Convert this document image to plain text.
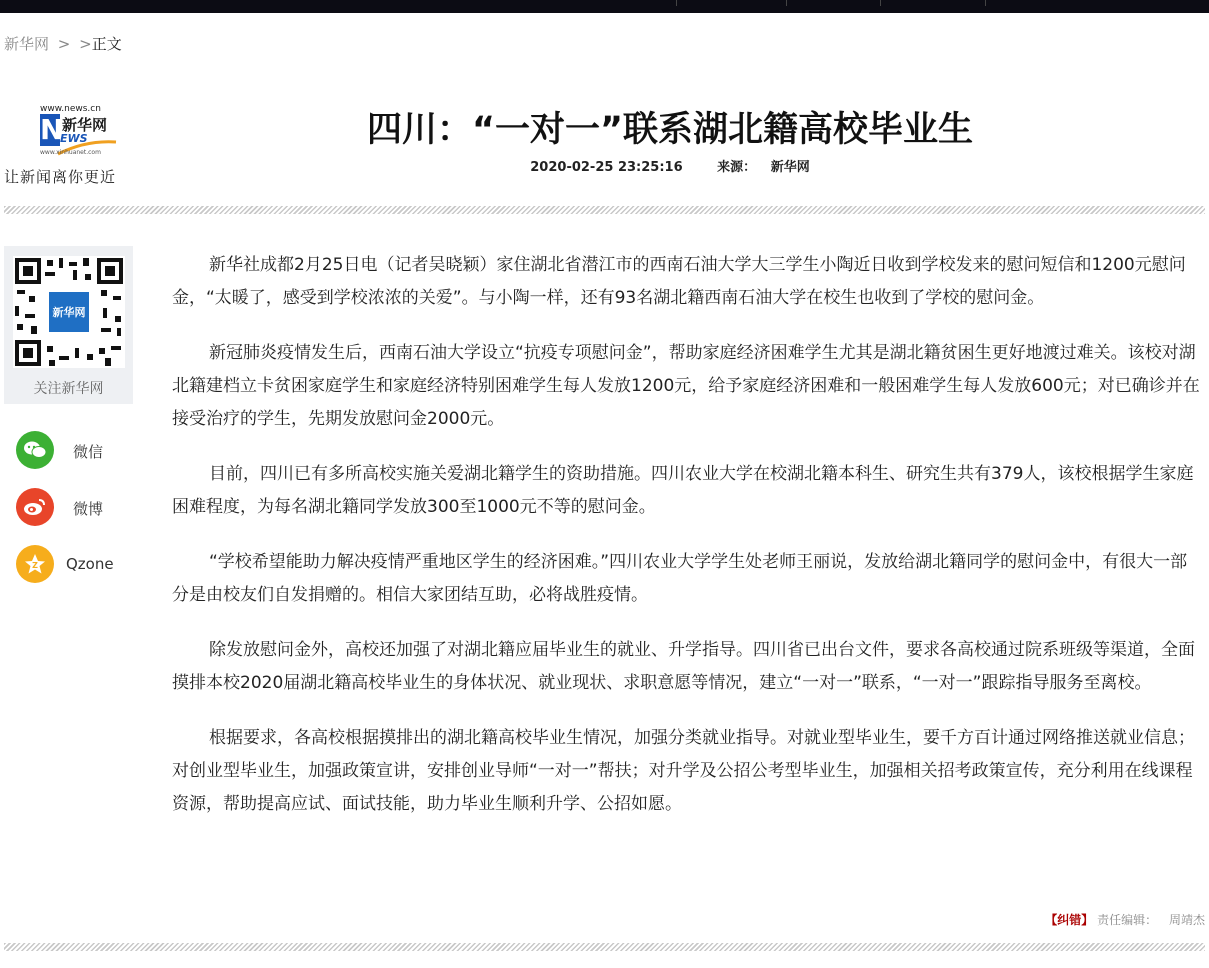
新华网 > >正文
www.news.cn
N
新华网
EWS
www.xinhuanet.com
让新闻离你更近
四川：“一对一”联系湖北籍高校毕业生
2020-02-25 23:25:16	来源： 新华网
新华网
关注新华网
微信
微博
Z Qzone

新华社成都2月25日电（记者吴晓颖）家住湖北省潜江市的西南石油大学大三学生小陶近日收到学校发来的慰问短信和1200元慰问金，“太暖了，感受到学校浓浓的关爱”。与小陶一样，还有93名湖北籍西南石油大学在校生也收到了学校的慰问金。

新冠肺炎疫情发生后，西南石油大学设立“抗疫专项慰问金”，帮助家庭经济困难学生尤其是湖北籍贫困生更好地渡过难关。该校对湖北籍建档立卡贫困家庭学生和家庭经济特别困难学生每人发放1200元，给予家庭经济困难和一般困难学生每人发放600元；对已确诊并在接受治疗的学生，先期发放慰问金2000元。

目前，四川已有多所高校实施关爱湖北籍学生的资助措施。四川农业大学在校湖北籍本科生、研究生共有379人，该校根据学生家庭困难程度，为每名湖北籍同学发放300至1000元不等的慰问金。

“学校希望能助力解决疫情严重地区学生的经济困难。”四川农业大学学生处老师王丽说，发放给湖北籍同学的慰问金中，有很大一部分是由校友们自发捐赠的。相信大家团结互助，必将战胜疫情。

除发放慰问金外，高校还加强了对湖北籍应届毕业生的就业、升学指导。四川省已出台文件，要求各高校通过院系班级等渠道，全面摸排本校2020届湖北籍高校毕业生的身体状况、就业现状、求职意愿等情况，建立“一对一”联系，“一对一”跟踪指导服务至离校。

根据要求，各高校根据摸排出的湖北籍高校毕业生情况，加强分类就业指导。对就业型毕业生，要千方百计通过网络推送就业信息；对创业型毕业生，加强政策宣讲，安排创业导师“一对一”帮扶；对升学及公招公考型毕业生，加强相关招考政策宣传，充分利用在线课程资源，帮助提高应试、面试技能，助力毕业生顺利升学、公招如愿。

【纠错】 责任编辑： 周靖杰
